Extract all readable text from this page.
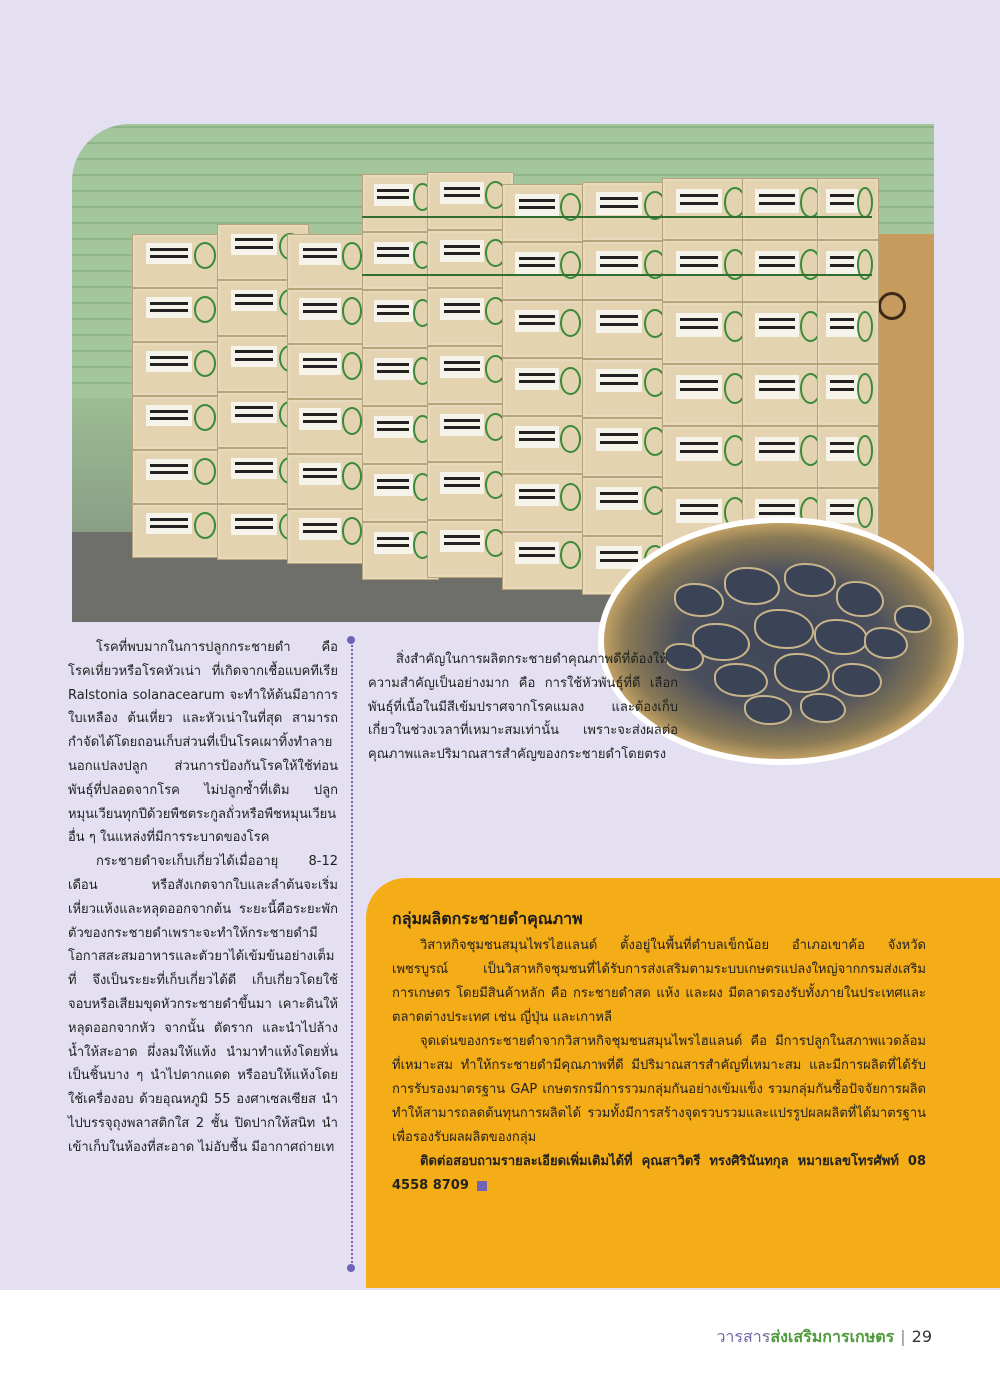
โรคที่พบมากในการปลูกกระชายดำ คือ โรคเหี่ยวหรือโรคหัวเน่า ที่เกิดจากเชื้อแบคทีเรีย Ralstonia solanacearum จะทำให้ต้นมีอาการใบเหลือง ต้นเหี่ยว และหัวเน่าในที่สุด สามารถกำจัดได้โดยถอนเก็บส่วนที่เป็นโรคเผาทิ้งทำลายนอกแปลงปลูก ส่วนการป้องกันโรคให้ใช้ท่อนพันธุ์ที่ปลอดจากโรค ไม่ปลูกซ้ำที่เดิม ปลูกหมุนเวียนทุกปีด้วยพืชตระกูลถั่วหรือพืชหมุนเวียนอื่น ๆ ในแหล่งที่มีการระบาดของโรค

กระชายดำจะเก็บเกี่ยวได้เมื่ออายุ 8-12 เดือน หรือสังเกตจากใบและลำต้นจะเริ่มเหี่ยวแห้งและหลุดออกจากต้น ระยะนี้คือระยะพักตัวของกระชายดำเพราะจะทำให้กระชายดำมีโอกาสสะสมอาหารและตัวยาได้เข้มข้นอย่างเต็มที่ จึงเป็นระยะที่เก็บเกี่ยวได้ดี เก็บเกี่ยวโดยใช้จอบหรือเสียมขุดหัวกระชายดำขึ้นมา เคาะดินให้หลุดออกจากหัว จากนั้น ตัดราก และนำไปล้างน้ำให้สะอาด ผึ่งลมให้แห้ง นำมาทำแห้งโดยหั่นเป็นชิ้นบาง ๆ นำไปตากแดด หรืออบให้แห้งโดยใช้เครื่องอบ ด้วยอุณหภูมิ 55 องศาเซลเซียส นำไปบรรจุถุงพลาสติกใส 2 ชั้น ปิดปากให้สนิท นำเข้าเก็บในห้องที่สะอาด ไม่อับชื้น มีอากาศถ่ายเท

สิ่งสำคัญในการผลิตกระชายดำคุณภาพดีที่ต้องให้ความสำคัญเป็นอย่างมาก คือ การใช้หัวพันธุ์ที่ดี เลือกพันธุ์ที่เนื้อในมีสีเข้มปราศจากโรคแมลง และต้องเก็บเกี่ยวในช่วงเวลาที่เหมาะสมเท่านั้น เพราะจะส่งผลต่อคุณภาพและปริมาณสารสำคัญของกระชายดำโดยตรง

กลุ่มผลิตกระชายดำคุณภาพ

วิสาหกิจชุมชนสมุนไพรไฮแลนด์ ตั้งอยู่ในพื้นที่ตำบลเข็กน้อย อำเภอเขาค้อ จังหวัดเพชรบูรณ์ เป็นวิสาหกิจชุมชนที่ได้รับการส่งเสริมตามระบบเกษตรแปลงใหญ่จากกรมส่งเสริมการเกษตร โดยมีสินค้าหลัก คือ กระชายดำสด แห้ง และผง มีตลาดรองรับทั้งภายในประเทศและตลาดต่างประเทศ เช่น ญี่ปุ่น และเกาหลี

จุดเด่นของกระชายดำจากวิสาหกิจชุมชนสมุนไพรไฮแลนด์ คือ มีการปลูกในสภาพแวดล้อมที่เหมาะสม ทำให้กระชายดำมีคุณภาพที่ดี มีปริมาณสารสำคัญที่เหมาะสม และมีการผลิตที่ได้รับการรับรองมาตรฐาน GAP เกษตรกรมีการรวมกลุ่มกันอย่างเข้มแข็ง รวมกลุ่มกันซื้อปัจจัยการผลิตทำให้สามารถลดต้นทุนการผลิตได้ รวมทั้งมีการสร้างจุดรวบรวมและแปรรูปผลผลิตที่ได้มาตรฐาน เพื่อรองรับผลผลิตของกลุ่ม

ติดต่อสอบถามรายละเอียดเพิ่มเติมได้ที่ คุณสาวิตรี ทรงศิรินันทกุล หมายเลขโทรศัพท์ 08 4558 8709

วารสารส่งเสริมการเกษตร | 29
